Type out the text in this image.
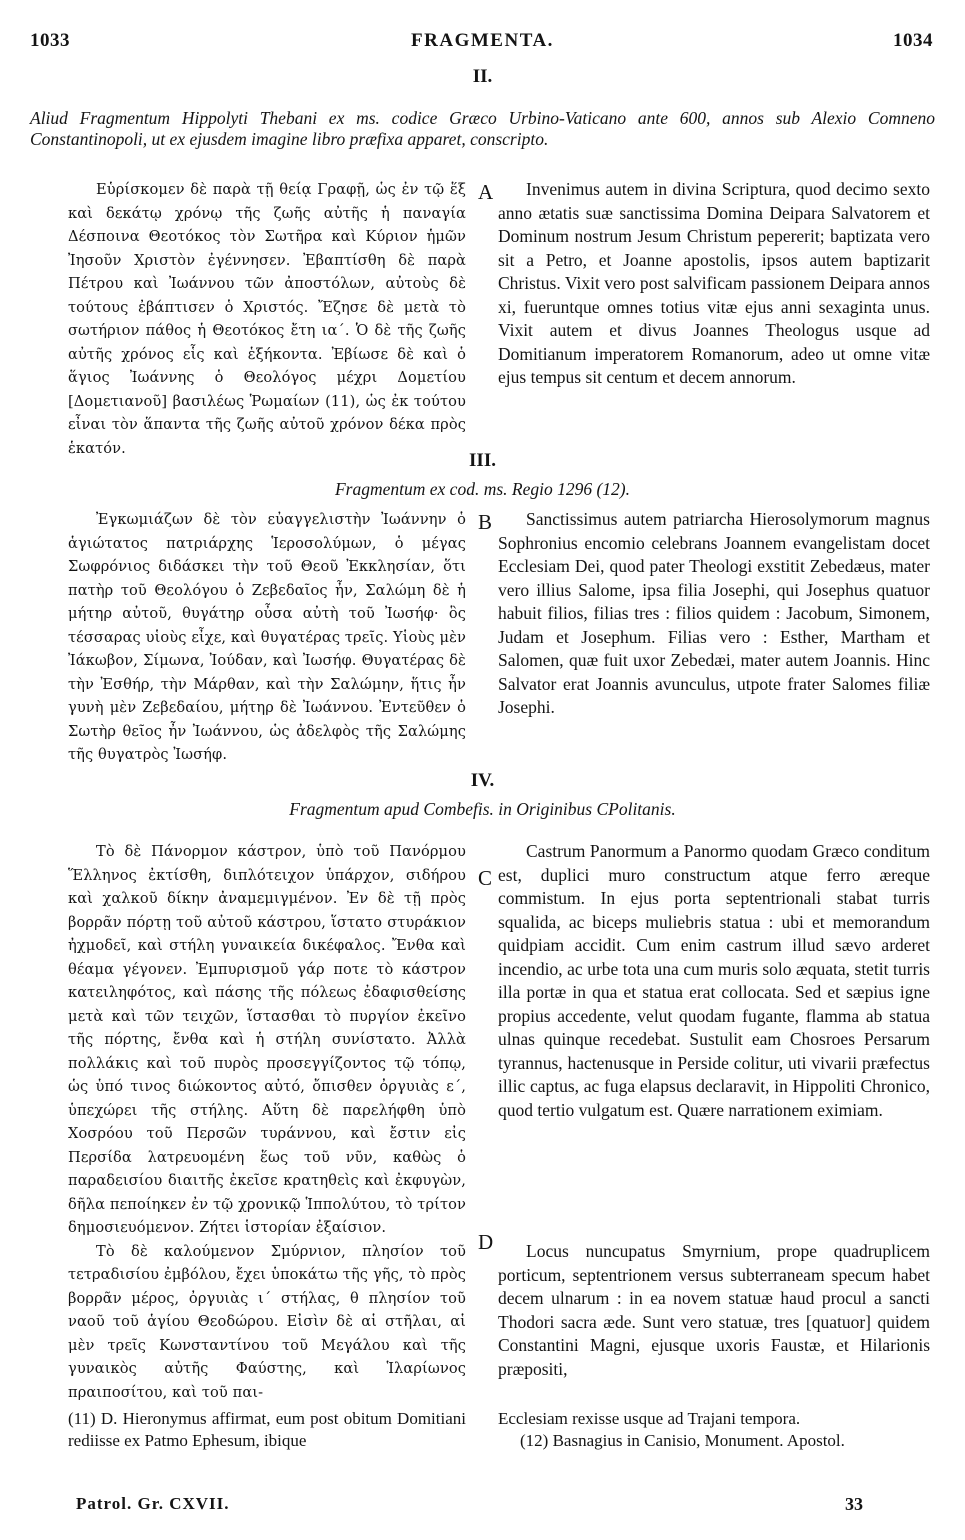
1033	FRAGMENTA.	1034
II.
Aliud Fragmentum Hippolyti Thebani ex ms. codice Græco Urbino-Vaticano ante 600, annos sub Alexio Comneno Constantinopoli, ut ex ejusdem imagine libro præfixa apparet, conscripto.

Εὑρίσκομεν δὲ παρὰ τῇ θείᾳ Γραφῇ, ὡς ἐν τῷ ἕξ καὶ δεκάτῳ χρόνῳ τῆς ζωῆς αὐτῆς ἡ παναγία Δέσποινα Θεοτόκος τὸν Σωτῆρα καὶ Κύριον ἡμῶν Ἰησοῦν Χριστὸν ἐγέννησεν. Ἐβαπτίσθη δὲ παρὰ Πέτρου καὶ Ἰωάννου τῶν ἀποστόλων, αὐτοὺς δὲ τούτους ἐβάπτισεν ὁ Χριστός. Ἔζησε δὲ μετὰ τὸ σωτήριον πάθος ἡ Θεοτόκος ἔτη ια΄. Ὁ δὲ τῆς ζωῆς αὐτῆς χρόνος εἷς καὶ ἑξήκοντα. Ἐβίωσε δὲ καὶ ὁ ἅγιος Ἰωάννης ὁ Θεολόγος μέχρι Δομετίου [Δομετιανοῦ] βασιλέως Ῥωμαίων (11), ὡς ἐκ τούτου εἶναι τὸν ἅπαντα τῆς ζωῆς αὐτοῦ χρόνον δέκα πρὸς ἑκατόν.

A	Invenimus autem in divina Scriptura, quod decimo sexto anno ætatis suæ sanctissima Domina Deipara Salvatorem et Dominum nostrum Jesum Christum pepererit; baptizata vero sit a Petro, et Joanne apostolis, ipsos autem baptizarit Christus. Vixit vero post salvificam passionem Deipara annos xi, fueruntque omnes totius vitæ ejus anni sexaginta unus. Vixit autem et divus Joannes Theologus usque ad Domitianum imperatorem Romanorum, adeo ut omne vitæ ejus tempus sit centum et decem annorum.

III.
Fragmentum ex cod. ms. Regio 1296 (12).

Ἐγκωμιάζων δὲ τὸν εὐαγγελιστὴν Ἰωάννην ὁ ἁγιώτατος πατριάρχης Ἱεροσολύμων, ὁ μέγας Σωφρόνιος διδάσκει τὴν τοῦ Θεοῦ Ἐκκλησίαν, ὅτι πατὴρ τοῦ Θεολόγου ὁ Ζεβεδαῖος ἦν, Σαλώμη δὲ ἡ μήτηρ αὐτοῦ, θυγάτηρ οὖσα αὐτὴ τοῦ Ἰωσήφ· ὃς τέσσαρας υἱοὺς εἶχε, καὶ θυγατέρας τρεῖς. Υἱοὺς μὲν Ἰάκωβον, Σίμωνα, Ἰούδαν, καὶ Ἰωσήφ. Θυγατέρας δὲ τὴν Ἐσθήρ, τὴν Μάρθαν, καὶ τὴν Σαλώμην, ἥτις ἦν γυνὴ μὲν Ζεβεδαίου, μήτηρ δὲ Ἰωάννου. Ἐντεῦθεν ὁ Σωτὴρ θεῖος ἦν Ἰωάννου, ὡς ἀδελφὸς τῆς Σαλώμης τῆς θυγατρὸς Ἰωσήφ.

B	Sanctissimus autem patriarcha Hierosolymorum magnus Sophronius encomio celebrans Joannem evangelistam docet Ecclesiam Dei, quod pater Theologi exstitit Zebedæus, mater vero illius Salome, ipsa filia Josephi, qui Josephus quatuor habuit filios, filias tres : filios quidem : Jacobum, Simonem, Judam et Josephum. Filias vero : Esther, Martham et Salomen, quæ fuit uxor Zebedæi, mater autem Joannis. Hinc Salvator erat Joannis avunculus, utpote frater Salomes filiæ Josephi.

IV.
Fragmentum apud Combefis. in Originibus CPolitanis.

Τὸ δὲ Πάνορμον κάστρον, ὑπὸ τοῦ Πανόρμου Ἕλληνος ἐκτίσθη, διπλότειχον ὑπάρχον, σιδήρου καὶ χαλκοῦ δίκην ἀναμεμιγμένον. Ἐν δὲ τῇ πρὸς βορρᾶν πόρτῃ τοῦ αὐτοῦ κάστρου, ἵστατο στυράκιον ἠχμοδεῖ, καὶ στήλη γυναικεία δικέφαλος. Ἔνθα καὶ θέαμα γέγονεν. Ἐμπυρισμοῦ γάρ ποτε τὸ κάστρον κατειληφότος, καὶ πάσης τῆς πόλεως ἐδαφισθείσης μετὰ καὶ τῶν τειχῶν, ἵστασθαι τὸ πυργίον ἐκεῖνο τῆς πόρτης, ἔνθα καὶ ἡ στήλη συνίστατο. Ἀλλὰ πολλάκις καὶ τοῦ πυρὸς προσεγγίζοντος τῷ τόπῳ, ὡς ὑπό τινος διώκοντος αὐτό, ὄπισθεν ὀργυιὰς ε΄, ὑπεχώρει τῆς στήλης. Αὕτη δὲ παρελήφθη ὑπὸ Χοσρόου τοῦ Περσῶν τυράννου, καὶ ἔστιν εἰς Περσίδα λατρευομένη ἕως τοῦ νῦν, καθὼς ὁ παραδεισίου διαιτῆς ἐκεῖσε κρατηθεὶς καὶ ἐκφυγὼν, δῆλα πεποίηκεν ἐν τῷ χρονικῷ Ἱππολύτου, τὸ τρίτον δημοσιευόμενον. Ζήτει ἱστορίαν ἐξαίσιον.

Τὸ δὲ καλούμενον Σμύρνιον, πλησίον τοῦ τετραδισίου ἐμβόλου, ἔχει ὑποκάτω τῆς γῆς, τὸ πρὸς βορρᾶν μέρος, ὀργυιὰς ι΄ στήλας, θ πλησίον τοῦ ναοῦ τοῦ ἁγίου Θεοδώρου. Εἰσὶν δὲ αἱ στῆλαι, αἱ μὲν τρεῖς Κωνσταντίνου τοῦ Μεγάλου καὶ τῆς γυναικὸς αὐτῆς Φαύστης, καὶ Ἱλαρίωνος πραιποσίτου, καὶ τοῦ παι-

C
D

Castrum Panormum a Panormo quodam Græco conditum est, duplici muro constructum atque ferro æreque commistum. In ejus porta septentrionali stabat turris squalida, ac biceps muliebris statua : ubi et memorandum quidpiam accidit. Cum enim castrum illud sævo arderet incendio, ac urbe tota una cum muris solo æquata, stetit turris illa portæ in qua et statua erat collocata. Sed et sæpius igne propius accedente, velut quodam fugante, flamma ab statua ulnas quinque recedebat. Sustulit eam Chosroes Persarum tyrannus, hactenusque in Perside colitur, uti vivarii præfectus illic captus, ac fuga elapsus declaravit, in Hippoliti Chronico, quod tertio vulgatum est. Quære narrationem eximiam.

Locus nuncupatus Smyrnium, prope quadruplicem porticum, septentrionem versus subterraneam specum habet decem ulnarum : in ea novem statuæ haud procul a sancti Thodori sacra æde. Sunt vero statuæ, tres [quatuor] quidem Constantini Magni, ejusque uxoris Faustæ, et Hilarionis præpositi,

(11) D. Hieronymus affirmat, eum post obitum Domitiani rediisse ex Patmo Ephesum, ibique
Ecclesiam rexisse usque ad Trajani tempora.
(12) Basnagius in Canisio, Monument. Apostol.
Patrol. Gr. CXVII.	33
